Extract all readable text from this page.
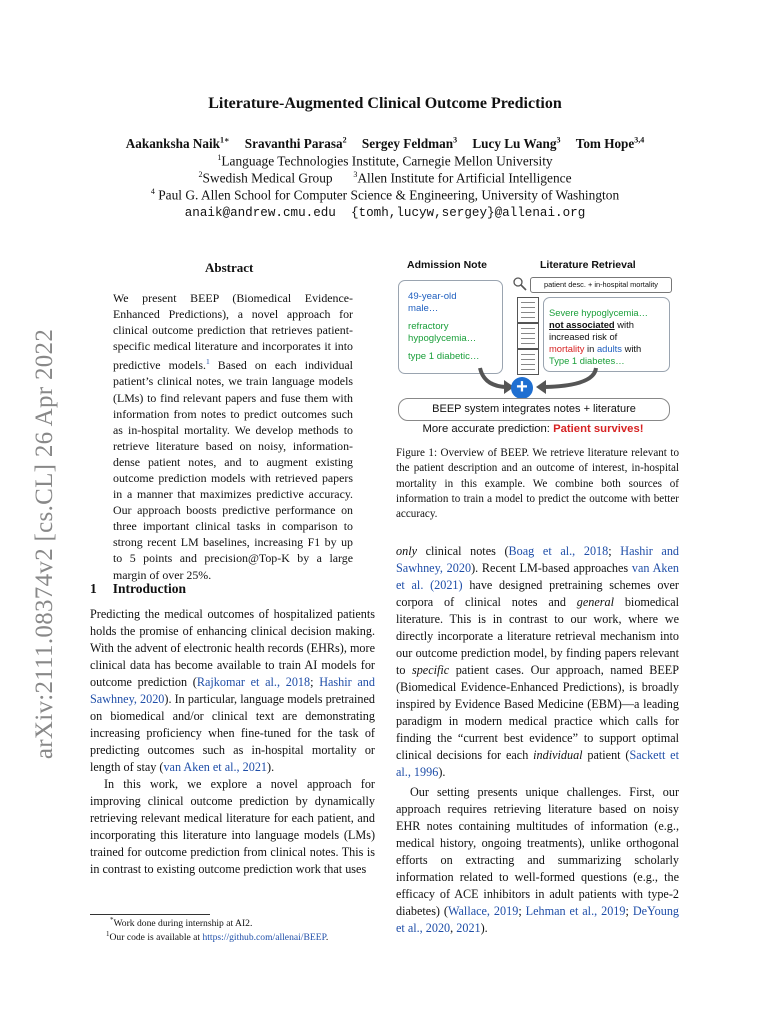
arXiv:2111.08374v2 [cs.CL] 26 Apr 2022
Literature-Augmented Clinical Outcome Prediction
Aakanksha Naik$^{1∗}$ Sravanthi Parasa$^2$ Sergey Feldman$^3$ Lucy Lu Wang$^3$ Tom Hope$^{3,4}$
$^1$Language Technologies Institute, Carnegie Mellon University
$^2$Swedish Medical Group	$^3$Allen Institute for Artificial Intelligence
$^4$ Paul G. Allen School for Computer Science & Engineering, University of Washington
anaik@andrew.cmu.edu  {tomh,lucyw,sergey}@allenai.org
Abstract
We present BEEP (Biomedical Evidence-Enhanced Predictions), a novel approach for clinical outcome prediction that retrieves patient-specific medical literature and incorporates it into predictive models.$^1$ Based on each individual patient’s clinical notes, we train language models (LMs) to find relevant papers and fuse them with information from notes to predict outcomes such as in-hospital mortality. We develop methods to retrieve literature based on noisy, information-dense patient notes, and to augment existing outcome prediction models with retrieved papers in a manner that maximizes predictive accuracy. Our approach boosts predictive performance on three important clinical tasks in comparison to strong recent LM baselines, increasing F1 by up to 5 points and precision@Top-K by a large margin of over 25%.
Admission Note	Literature Retrieval
patient desc. + in-hospital mortality
49-year-old
male…
refractory
hypoglycemia…
type 1 diabetic…
Severe hypoglycemia…
not associated with
increased risk of
mortality in adults with
Type 1 diabetes…
+
BEEP system integrates notes + literature
More accurate prediction: Patient survives!
Figure 1: Overview of BEEP. We retrieve literature relevant to the patient description and an outcome of interest, in-hospital mortality in this example. We combine both sources of information to train a model to predict the outcome with better accuracy.
1 Introduction

Predicting the medical outcomes of hospitalized patients holds the promise of enhancing clinical decision making. With the advent of electronic health records (EHRs), more clinical data has become available to train AI models for outcome prediction (Rajkomar et al., 2018; Hashir and Sawhney, 2020). In particular, language models pretrained on biomedical and/or clinical text are demonstrating increasing proficiency when fine-tuned for the task of predicting outcomes such as in-hospital mortality or length of stay (van Aken et al., 2021).

In this work, we explore a novel approach for improving clinical outcome prediction by dynamically retrieving relevant medical literature for each patient, and incorporating this literature into language models (LMs) trained for outcome prediction from clinical notes. This is in contrast to existing outcome prediction work that uses

*Work done during internship at AI2.
$^1$Our code is available at https://github.com/allenai/BEEP.

only clinical notes (Boag et al., 2018; Hashir and Sawhney, 2020). Recent LM-based approaches van Aken et al. (2021) have designed pretraining schemes over corpora of clinical notes and general biomedical literature. This is in contrast to our work, where we directly incorporate a literature retrieval mechanism into our outcome prediction model, by finding papers relevant to specific patient cases. Our approach, named BEEP (Biomedical Evidence-Enhanced Predictions), is broadly inspired by Evidence Based Medicine (EBM)—a leading paradigm in modern medical practice which calls for finding the “current best evidence” to support optimal clinical decisions for each individual patient (Sackett et al., 1996).

Our setting presents unique challenges. First, our approach requires retrieving literature based on noisy EHR notes containing multitudes of information (e.g., medical history, ongoing treatments), unlike orthogonal efforts on extracting and summarizing scholarly information related to well-formed questions (e.g., the efficacy of ACE inhibitors in adult patients with type-2 diabetes) (Wallace, 2019; Lehman et al., 2019; DeYoung et al., 2020, 2021).
